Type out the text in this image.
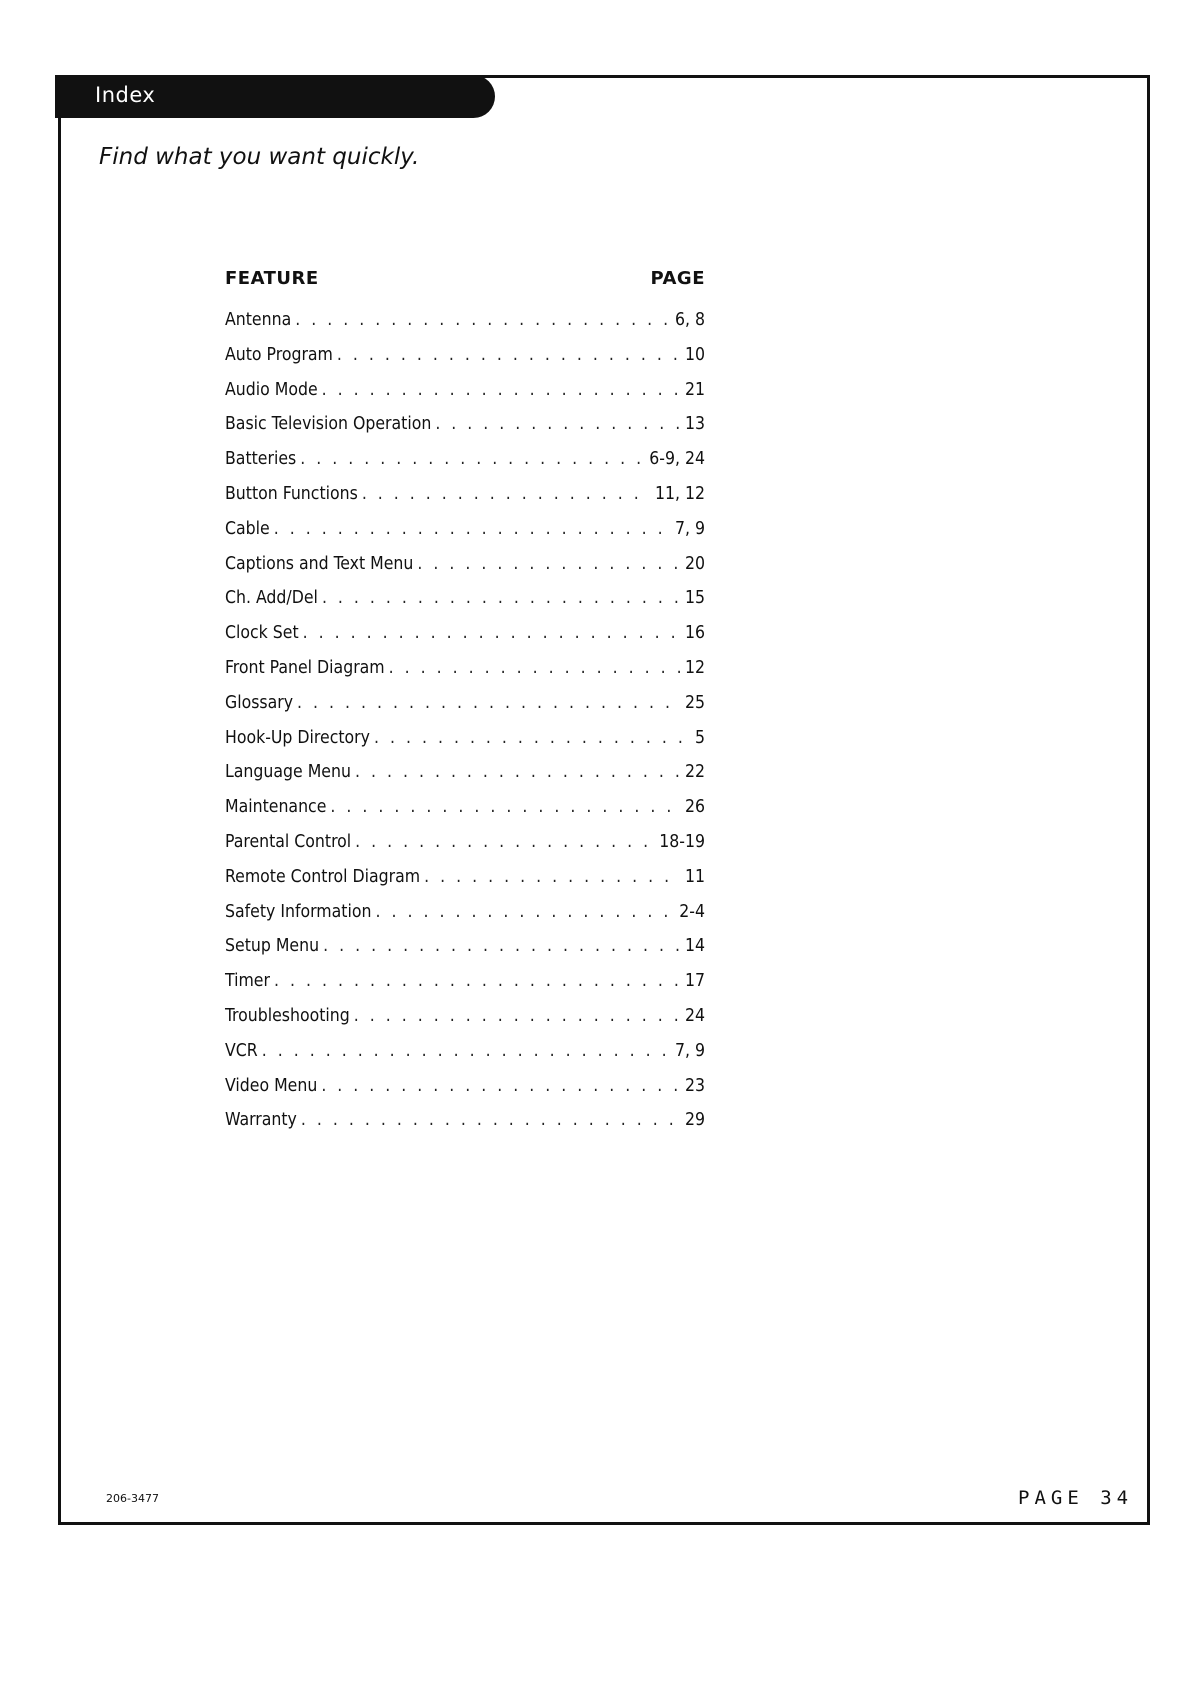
Index
Find what you want quickly.
FEATURE	PAGE
Antenna . . .	6, 8
Auto Program . . .	10
Audio Mode . . .	21
Basic Television Operation . . .	13
Batteries . . .	6-9, 24
Button Functions . . .	11, 12
Cable . . .	7, 9
Captions and Text Menu . . .	20
Ch. Add/Del . . .	15
Clock Set . . .	16
Front Panel Diagram . . .	12
Glossary . . .	25
Hook-Up Directory . . .	5
Language Menu . . .	22
Maintenance . . .	26
Parental Control . . .	18-19
Remote Control Diagram . . .	11
Safety Information . . .	2-4
Setup Menu . . .	14
Timer . . .	17
Troubleshooting . . .	24
VCR . . .	7, 9
Video Menu . . .	23
Warranty . . .	29
206-3477	PAGE 34
